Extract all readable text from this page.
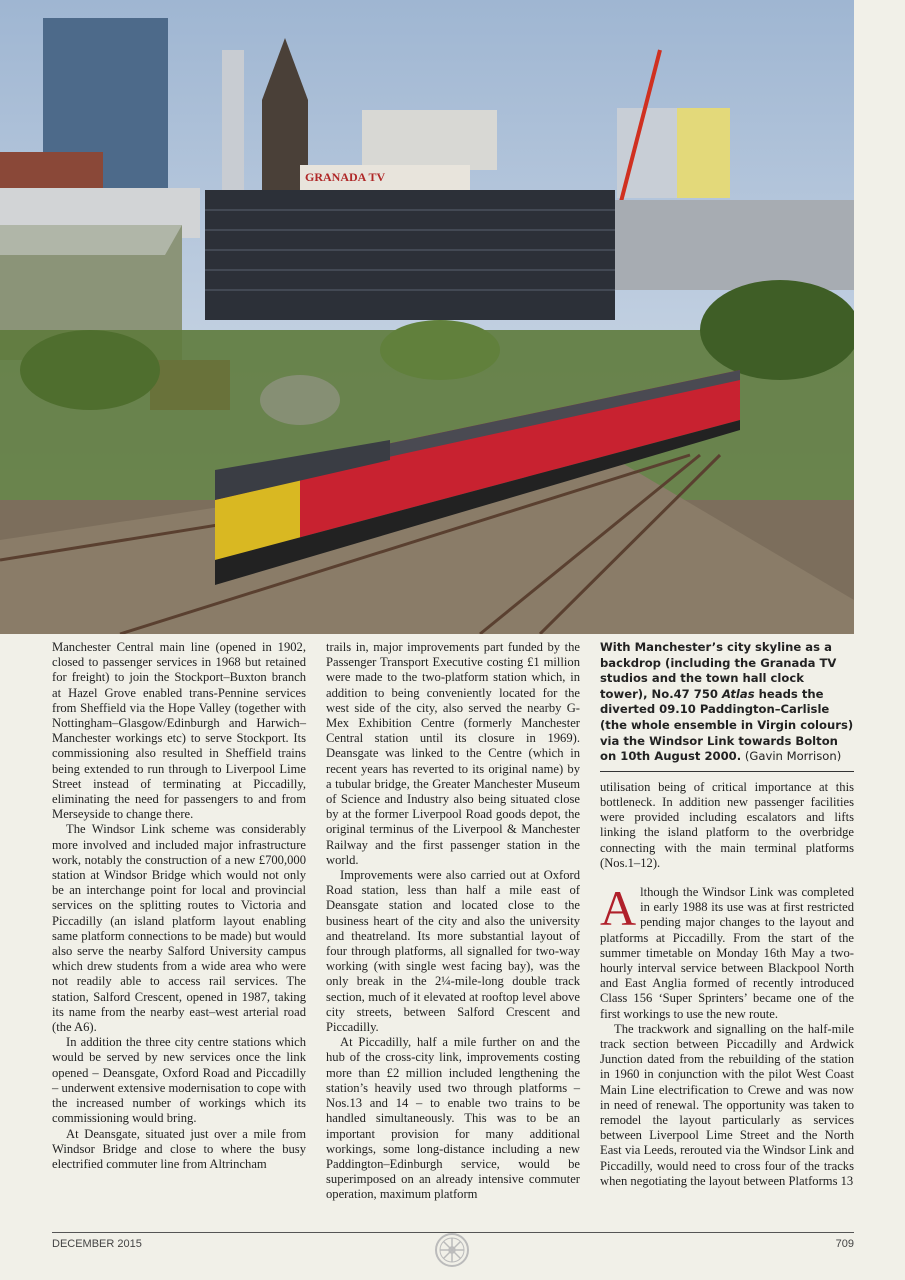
GRANADA TV

Manchester Central main line (opened in 1902, closed to passenger services in 1968 but retained for freight) to join the Stockport–Buxton branch at Hazel Grove enabled trans-Pennine services from Sheffield via the Hope Valley (together with Nottingham–Glasgow/Edinburgh and Harwich–Manchester workings etc) to serve Stockport. Its commissioning also resulted in Sheffield trains being extended to run through to Liverpool Lime Street instead of terminating at Piccadilly, eliminating the need for passengers to and from Merseyside to change there.

The Windsor Link scheme was considerably more involved and included major infrastructure work, notably the construction of a new £700,000 station at Windsor Bridge which would not only be an interchange point for local and provincial services on the splitting routes to Victoria and Piccadilly (an island platform layout enabling same platform connections to be made) but would also serve the nearby Salford University campus which drew students from a wide area who were not readily able to access rail services. The station, Salford Crescent, opened in 1987, taking its name from the nearby east–west arterial road (the A6).

In addition the three city centre stations which would be served by new services once the link opened – Deansgate, Oxford Road and Piccadilly – underwent extensive modernisation to cope with the increased number of workings which its commissioning would bring.

At Deansgate, situated just over a mile from Windsor Bridge and close to where the busy electrified commuter line from Altrincham

trails in, major improvements part funded by the Passenger Transport Executive costing £1 million were made to the two-platform station which, in addition to being conveniently located for the west side of the city, also served the nearby G-Mex Exhibition Centre (formerly Manchester Central station until its closure in 1969). Deansgate was linked to the Centre (which in recent years has reverted to its original name) by a tubular bridge, the Greater Manchester Museum of Science and Industry also being situated close by at the former Liverpool Road goods depot, the original terminus of the Liverpool & Manchester Railway and the first passenger station in the world.

Improvements were also carried out at Oxford Road station, less than half a mile east of Deansgate station and located close to the business heart of the city and also the university and theatreland. Its more substantial layout of four through platforms, all signalled for two-way working (with single west facing bay), was the only break in the 2¼-mile-long double track section, much of it elevated at rooftop level above city streets, between Salford Crescent and Piccadilly.

At Piccadilly, half a mile further on and the hub of the cross-city link, improvements costing more than £2 million included lengthening the station’s heavily used two through platforms – Nos.13 and 14 – to enable two trains to be handled simultaneously. This was to be an important provision for many additional workings, some long-distance including a new Paddington–Edinburgh service, would be superimposed on an already intensive commuter operation, maximum platform

With Manchester’s city skyline as a backdrop (including the Granada TV studios and the town hall clock tower), No.47 750 Atlas heads the diverted 09.10 Paddington–Carlisle (the whole ensemble in Virgin colours) via the Windsor Link towards Bolton on 10th August 2000. (Gavin Morrison)

utilisation being of critical importance at this bottleneck. In addition new passenger facilities were provided including escalators and lifts linking the island platform to the overbridge connecting with the main terminal platforms (Nos.1–12).

Although the Windsor Link was completed in early 1988 its use was at first restricted pending major changes to the layout and platforms at Piccadilly. From the start of the summer timetable on Monday 16th May a two-hourly interval service between Blackpool North and East Anglia formed of recently introduced Class 156 ‘Super Sprinters’ became one of the first workings to use the new route.

The trackwork and signalling on the half-mile track section between Piccadilly and Ardwick Junction dated from the rebuilding of the station in 1960 in conjunction with the pilot West Coast Main Line electrification to Crewe and was now in need of renewal. The opportunity was taken to remodel the layout particularly as services between Liverpool Lime Street and the North East via Leeds, rerouted via the Windsor Link and Piccadilly, would need to cross four of the tracks when negotiating the layout between Platforms 13

DECEMBER 2015	709
